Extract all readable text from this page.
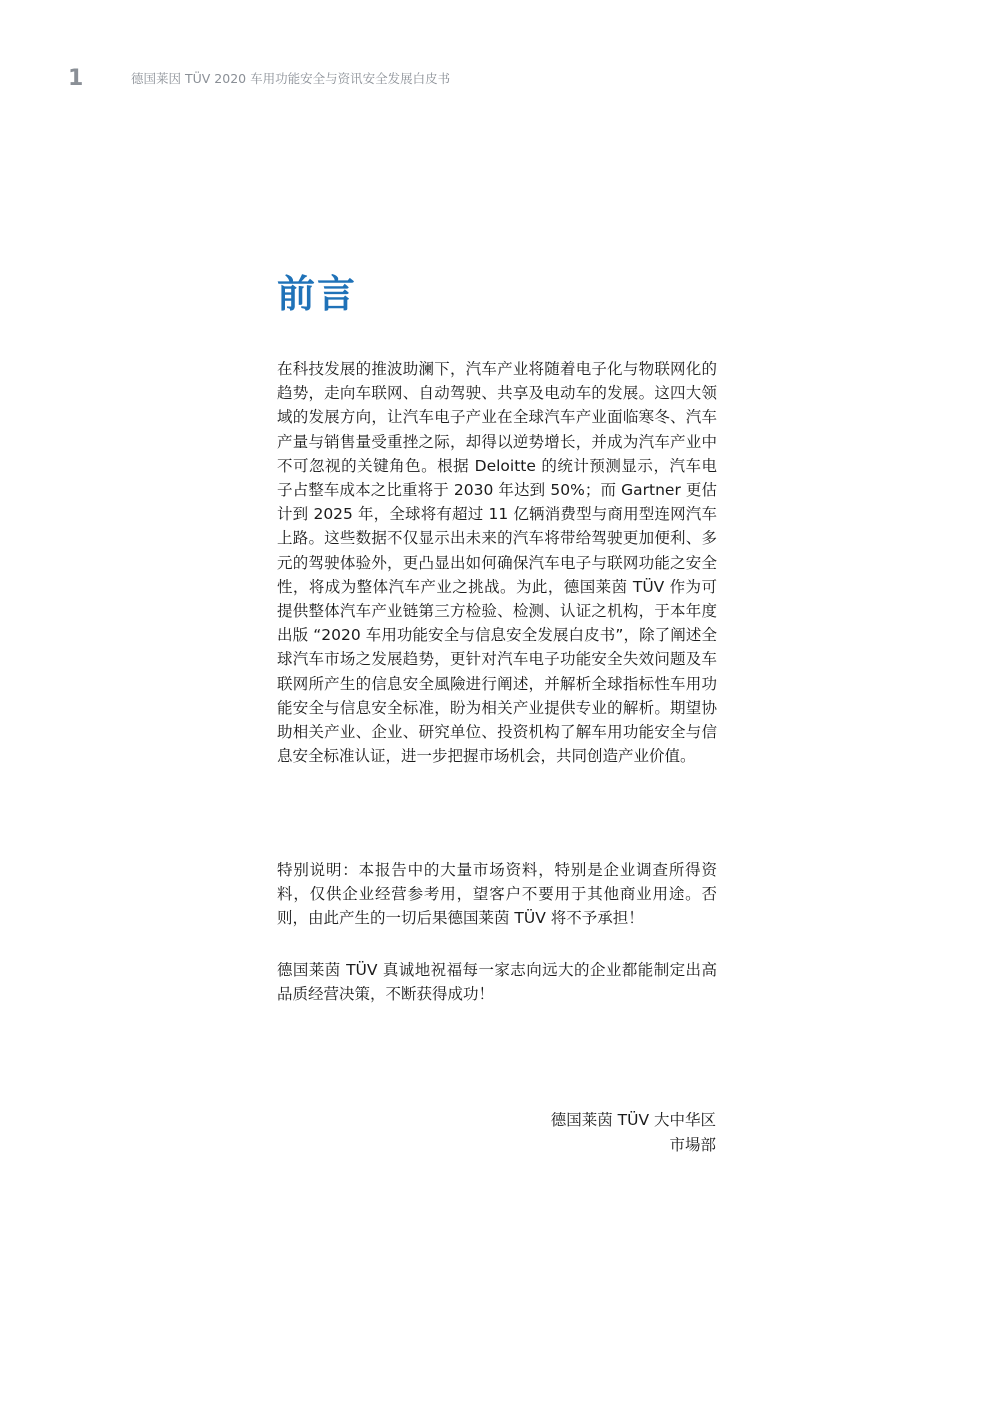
1	德国莱因 TÜV 2020 车用功能安全与资讯安全发展白皮书
前言

在科技发展的推波助澜下，汽车产业将随着电子化与物联网化的趋势，走向车联网、自动驾驶、共享及电动车的发展。这四大领域的发展方向，让汽车电子产业在全球汽车产业面临寒冬、汽车产量与销售量受重挫之际，却得以逆势增长，并成为汽车产业中不可忽视的关键角色。根据 Deloitte 的统计预测显示，汽车电子占整车成本之比重将于 2030 年达到 50%；而 Gartner 更估计到 2025 年，全球将有超过 11 亿辆消费型与商用型连网汽车上路。这些数据不仅显示出未来的汽车将带给驾驶更加便利、多元的驾驶体验外，更凸显出如何确保汽车电子与联网功能之安全性，将成为整体汽车产业之挑战。为此，德国莱茵 TÜV 作为可提供整体汽车产业链第三方检验、检测、认证之机构，于本年度出版 “2020 车用功能安全与信息安全发展白皮书”，除了阐述全球汽车市场之发展趋势，更针对汽车电子功能安全失效问题及车联网所产生的信息安全風險进行阐述，并解析全球指标性车用功能安全与信息安全标准，盼为相关产业提供专业的解析。期望协助相关产业、企业、研究单位、投资机构了解车用功能安全与信息安全标准认证，进一步把握市场机会，共同创造产业价值。

特别说明：本报告中的大量市场资料，特别是企业调查所得资料，仅供企业经营参考用，望客户不要用于其他商业用途。否则，由此产生的一切后果德国莱茵 TÜV 将不予承担！

德国莱茵 TÜV 真诚地祝福每一家志向远大的企业都能制定出高品质经营决策，不断获得成功！

德国莱茵 TÜV 大中华区
市場部
